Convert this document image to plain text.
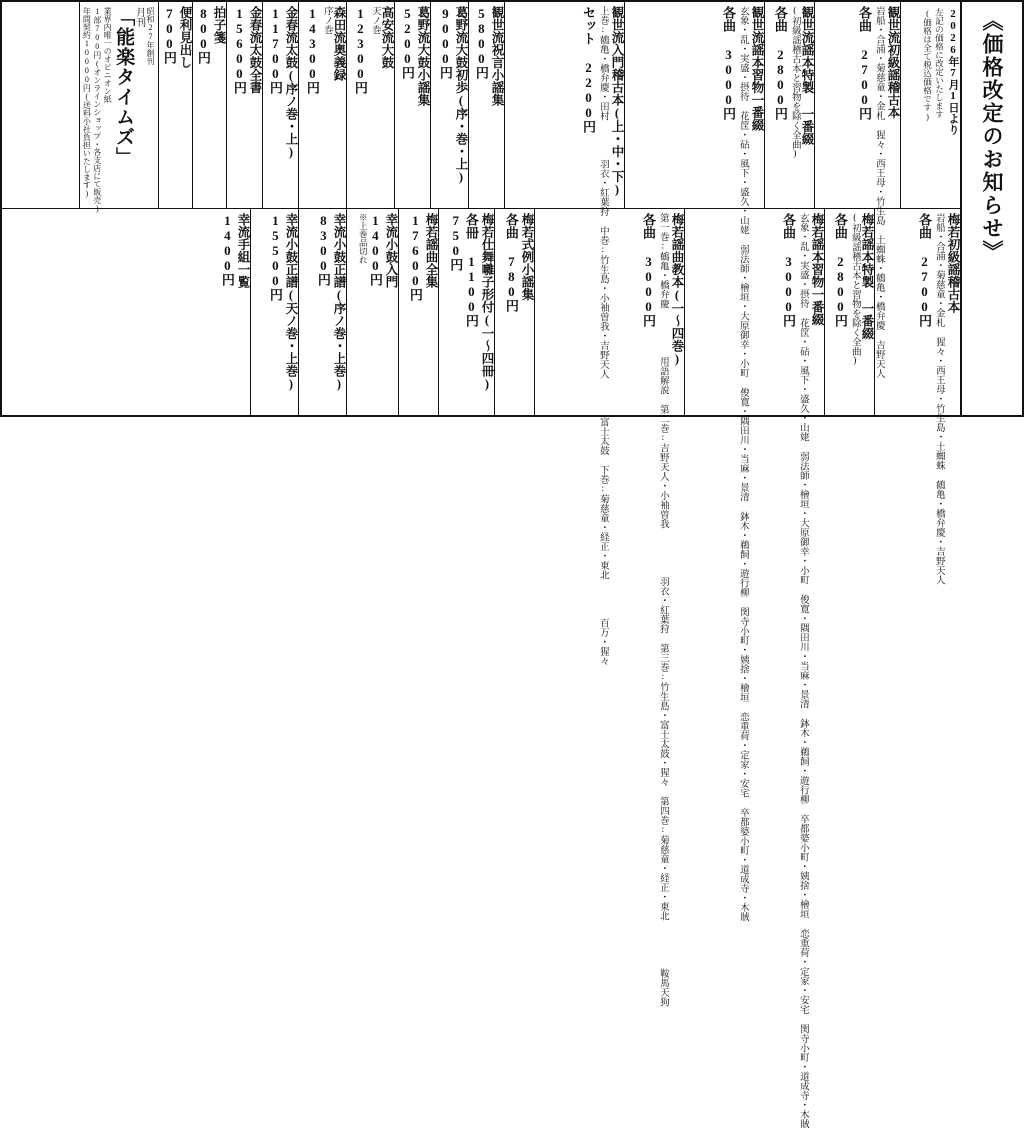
《価格改定のお知らせ》
2026年7月1日より
左記の価格に改定いたします
(価格は全て税込価格です)
観世流初級謡稽古本
岩船・合浦・菊慈童・金札 猩々・西王母・竹生島 土蜘蛛・鶴亀・橋弁慶 吉野天人
各曲 2700円
観世流謡本特製 一番綴
(初級謡稽古本と習物を除く全曲)
各曲 2800円
観世流謡本習物一番綴
玄象・乱・実盛・摂待 花筐・砧・風下・盛久・山姥 弱法師・檜垣・大原御幸・小町 俊寛・隅田川・当麻・景清 鉢木・鵜飼・遊行柳 関寺小町・姨捨・檜垣 恋重荷・定家・安宅 卒都婆小町・道成寺・木賊
各曲 3000円
観世流入門稽古本(上・中・下)
上巻:鶴亀・橋弁慶・田村 　　　羽衣・紅葉狩 中巻:竹生島・小袖曽我・吉野天人 　　　富士太鼓 下巻:菊慈童・経正・東北 　　　百万・猩々
セット 2200円
観世流祝言小謡集
5800円
葛野流大鼓初歩(序・巻・上)
9000円
葛野流大鼓小謡集
5200円
高安流大鼓
天ノ巻
12300円
森田流奥義録
序ノ巻
14300円
金春流太鼓(序ノ巻・上)
11700円
金春流太鼓全書
15600円
拍子箋
800円
便利見出し
700円
昭和27年創刊
月刊
「能楽タイムズ」
業界内唯一のオピニオン紙
1部700円(オンラインショップ・各支店にて販売)
年間契約10000円(送料小社負担いたします)
梅若初級謡稽古本
岩船・合浦・菊慈童・金札 猩々・西王母・竹生島・土蜘蛛 鶴亀・橋弁慶・吉野天人
各曲 2700円
梅若謡本特製 一番綴
(初級謡稽古本と習物を除く全曲)
各曲 2800円
梅若謡本習物一番綴
玄象・乱・実盛・摂待 花筐・砧・風下・盛久・山姥 弱法師・檜垣・大原御幸・小町 俊寛・隅田川・当麻・景清 鉢木・鵜飼・遊行柳 卒都婆小町・姨捨・檜垣 恋重荷・定家・安宅 関寺小町・道成寺・木賊
各曲 3000円
梅若謡曲教本(一〜四巻)
第一巻:鶴亀・橋弁慶 　　　　用語解説 第二巻:吉野天人・小袖曽我 　　　　羽衣・紅葉狩 第三巻:竹生島・富士太鼓・猩々 第四巻:菊慈童・経正・東北 　　　　鞍馬天狗
各曲 3000円
梅若式例小謡集
各曲 780円
梅若仕舞囃子形付(一〜四冊)
各冊 1100円
750円
梅若謡曲全集
17600円
幸流小鼓入門
1400円
※上巻品切れ
幸流小鼓正譜(序ノ巻・上巻)
8300円
幸流小鼓正譜(天ノ巻・上巻)
15500円
幸流手組一覧
1400円
